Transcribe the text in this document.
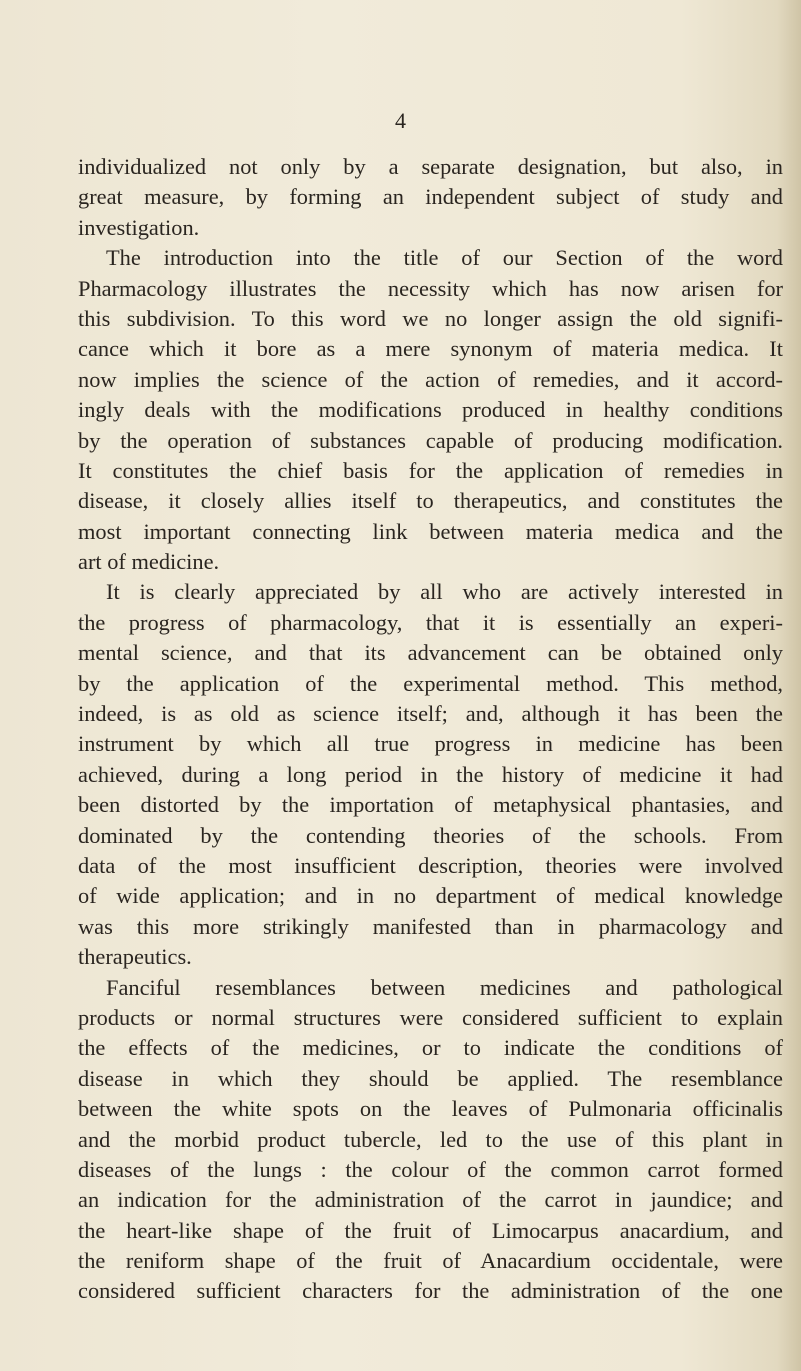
4
individualized not only by a separate designation, but also, in
great measure, by forming an independent subject of study and
investigation.
The introduction into the title of our Section of the word
Pharmacology illustrates the necessity which has now arisen for
this subdivision. To this word we no longer assign the old signifi-
cance which it bore as a mere synonym of materia medica. It
now implies the science of the action of remedies, and it accord-
ingly deals with the modifications produced in healthy conditions
by the operation of substances capable of producing modification.
It constitutes the chief basis for the application of remedies in
disease, it closely allies itself to therapeutics, and constitutes the
most important connecting link between materia medica and the
art of medicine.
It is clearly appreciated by all who are actively interested in
the progress of pharmacology, that it is essentially an experi-
mental science, and that its advancement can be obtained only
by the application of the experimental method. This method,
indeed, is as old as science itself; and, although it has been the
instrument by which all true progress in medicine has been
achieved, during a long period in the history of medicine it had
been distorted by the importation of metaphysical phantasies, and
dominated by the contending theories of the schools. From
data of the most insufficient description, theories were involved
of wide application; and in no department of medical knowledge
was this more strikingly manifested than in pharmacology and
therapeutics.
Fanciful resemblances between medicines and pathological
products or normal structures were considered sufficient to explain
the effects of the medicines, or to indicate the conditions of
disease in which they should be applied. The resemblance
between the white spots on the leaves of Pulmonaria officinalis
and the morbid product tubercle, led to the use of this plant in
diseases of the lungs : the colour of the common carrot formed
an indication for the administration of the carrot in jaundice; and
the heart-like shape of the fruit of Limocarpus anacardium, and
the reniform shape of the fruit of Anacardium occidentale, were
considered sufficient characters for the administration of the one
